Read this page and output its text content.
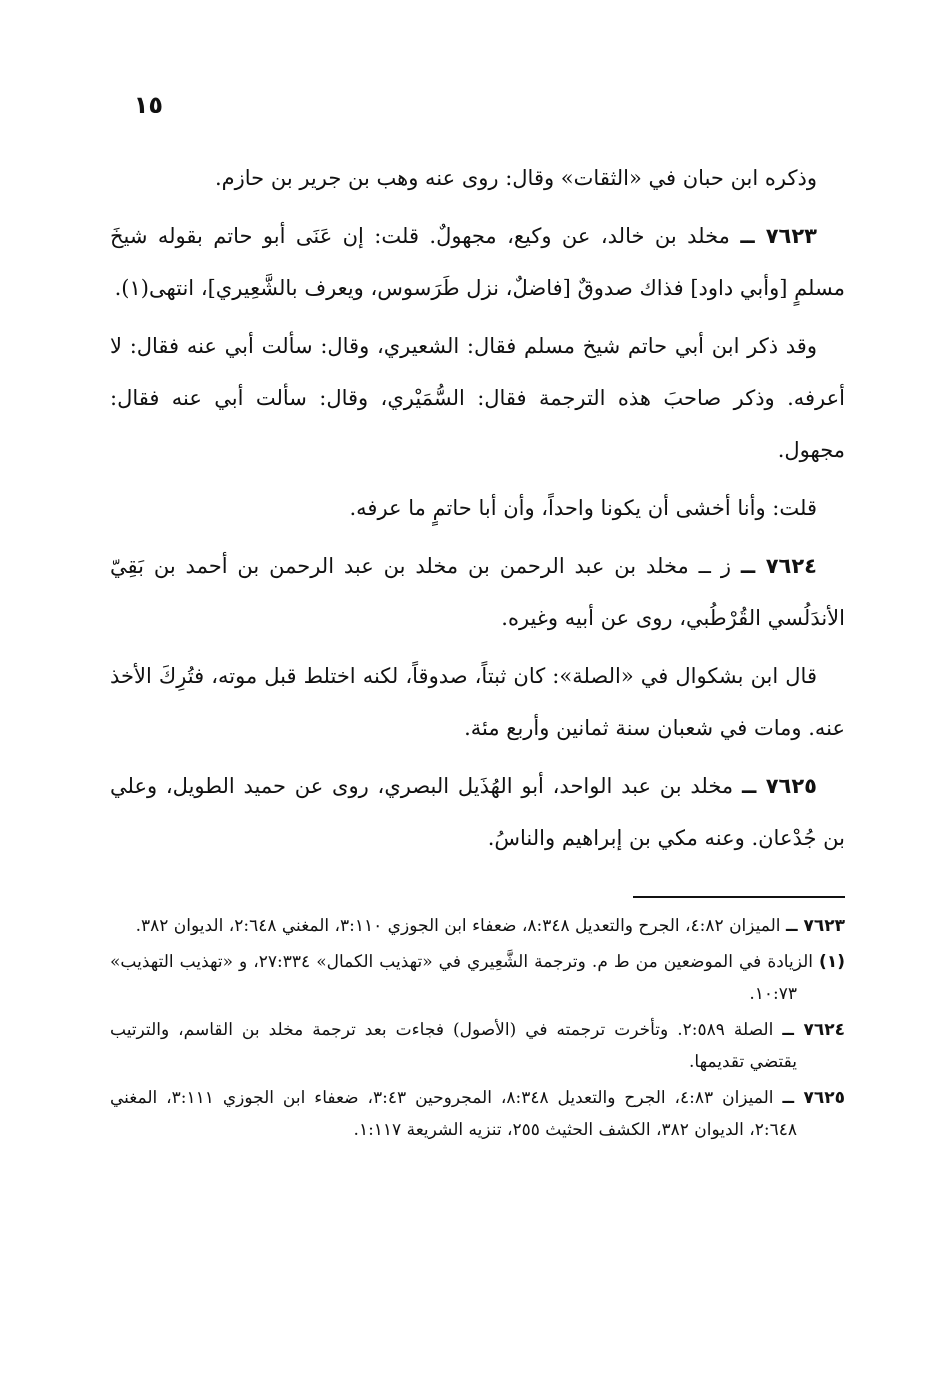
١٥

وذكره ابن حبان في «الثقات» وقال: روى عنه وهب بن جرير بن حازم.

٧٦٢٣ ــ مخلد بن خالد، عن وكيع، مجهولٌ. قلت: إن عَنَى أبو حاتم بقوله شيخَ مسلمٍ [وأبي داود] فذاك صدوقٌ [فاضلٌ، نزل طَرَسوس، ويعرف بالشَّعِيري]، انتهى(١).

وقد ذكر ابن أبي حاتم شيخ مسلم فقال: الشعيري، وقال: سألت أبي عنه فقال: لا أعرفه. وذكر صاحبَ هذه الترجمة فقال: السُّمَيْري، وقال: سألت أبي عنه فقال: مجهول.

قلت: وأنا أخشى أن يكونا واحداً، وأن أبا حاتمٍ ما عرفه.

٧٦٢٤ ــ ز ــ مخلد بن عبد الرحمن بن مخلد بن عبد الرحمن بن أحمد بن بَقِيّ الأندَلُسي القُرْطُبي، روى عن أبيه وغيره.

قال ابن بشكوال في «الصلة»: كان ثبتاً، صدوقاً، لكنه اختلط قبل موته، فتُرِكَ الأخذ عنه. ومات في شعبان سنة ثمانين وأربع مئة.

٧٦٢٥ ــ مخلد بن عبد الواحد، أبو الهُذَيل البصري، روى عن حميد الطويل، وعلي بن جُدْعان. وعنه مكي بن إبراهيم والناسُ.

٧٦٢٣ ــ الميزان ٤:٨٢، الجرح والتعديل ٨:٣٤٨، ضعفاء ابن الجوزي ٣:١١٠، المغني ٢:٦٤٨، الديوان ٣٨٢.

(١) الزيادة في الموضعين من ط م. وترجمة الشَّعِيري في «تهذيب الكمال» ٢٧:٣٣٤، و «تهذيب التهذيب» ١٠:٧٣.

٧٦٢٤ ــ الصلة ٢:٥٨٩. وتأخرت ترجمته في (الأصول) فجاءت بعد ترجمة مخلد بن القاسم، والترتيب يقتضي تقديمها.

٧٦٢٥ ــ الميزان ٤:٨٣، الجرح والتعديل ٨:٣٤٨، المجروحين ٣:٤٣، ضعفاء ابن الجوزي ٣:١١١، المغني ٢:٦٤٨، الديوان ٣٨٢، الكشف الحثيث ٢٥٥، تنزيه الشريعة ١:١١٧.
